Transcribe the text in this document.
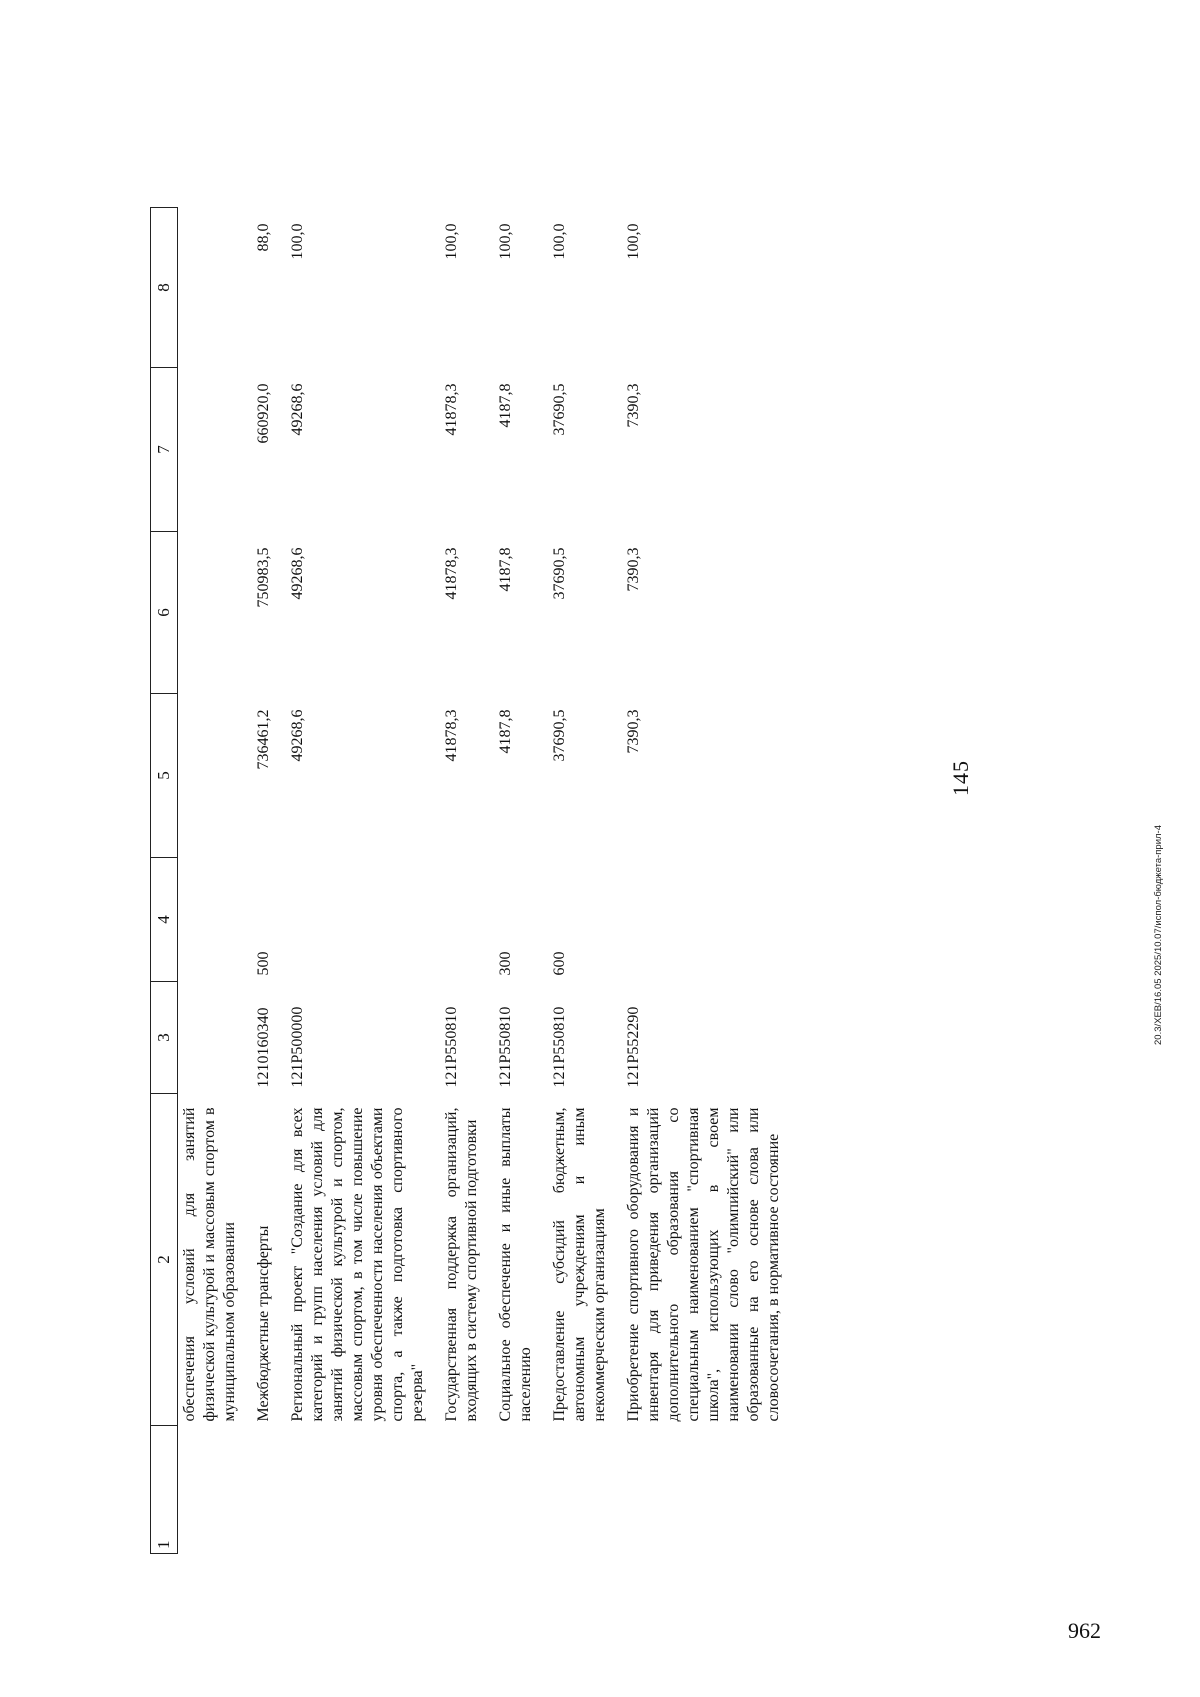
145
1	2	3	4	5	6	7	8
	обеспечения условий для занятий физической культурой и массовым спортом в муниципальном образовании						
	Межбюджетные трансферты	1210160340	500	736461,2	750983,5	660920,0	88,0
	Региональный проект "Создание для всех категорий и групп населения условий для занятий физической культурой и спортом, массовым спортом, в том числе повышение уровня обеспеченности населения объектами спорта, а также подготовка спортивного резерва"	121P500000		49268,6	49268,6	49268,6	100,0
	Государственная поддержка организаций, входящих в систему спортивной подготовки	121P550810		41878,3	41878,3	41878,3	100,0
	Социальное обеспечение и иные выплаты населению	121P550810	300	4187,8	4187,8	4187,8	100,0
	Предоставление субсидий бюджетным, автономным учреждениям и иным некоммерческим организациям	121P550810	600	37690,5	37690,5	37690,5	100,0
	Приобретение спортивного оборудования и инвентаря для приведения организаций дополнительного образования со специальным наименованием "спортивная школа", использующих в своем наименовании слово "олимпийский" или образованные на его основе слова или словосочетания, в нормативное состояние	121P552290		7390,3	7390,3	7390,3	100,0
20.3/XEB/16.05 2025/10.07/испол-бюджета-прил-4
962
